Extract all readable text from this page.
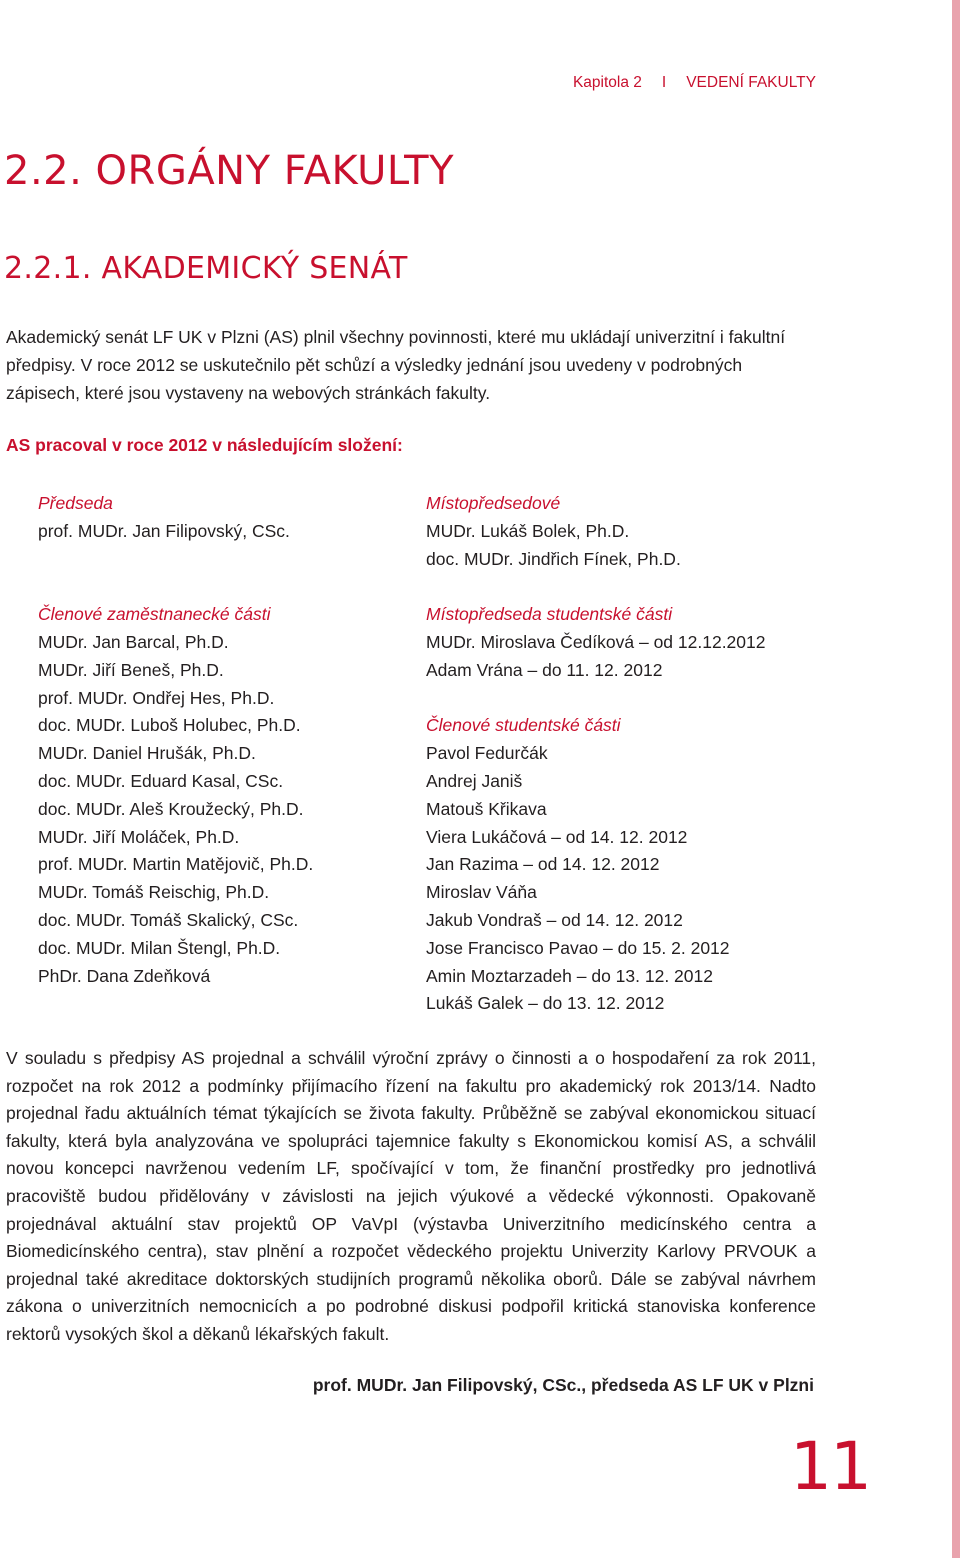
Kapitola 2 I VEDENÍ FAKULTY
2.2. ORGÁNY FAKULTY
2.2.1. AKADEMICKÝ SENÁT

Akademický senát LF UK v Plzni (AS) plnil všechny povinnosti, které mu ukládají univerzitní i fakultní předpisy. V roce 2012 se uskutečnilo pět schůzí a výsledky jednání jsou uvedeny v podrobných zápisech, které jsou vystaveny na webových stránkách fakulty.

AS pracoval v roce 2012 v následujícím složení:

Předseda
prof. MUDr. Jan Filipovský, CSc.
Členové zaměstnanecké části
MUDr. Jan Barcal, Ph.D.
MUDr. Jiří Beneš, Ph.D.
prof. MUDr. Ondřej Hes, Ph.D.
doc. MUDr. Luboš Holubec, Ph.D.
MUDr. Daniel Hrušák, Ph.D.
doc. MUDr. Eduard Kasal, CSc.
doc. MUDr. Aleš Kroužecký, Ph.D.
MUDr. Jiří Moláček, Ph.D.
prof. MUDr. Martin Matějovič, Ph.D.
MUDr. Tomáš Reischig, Ph.D.
doc. MUDr. Tomáš Skalický, CSc.
doc. MUDr. Milan Štengl, Ph.D.
PhDr. Dana Zdeňková
Místopředsedové
MUDr. Lukáš Bolek, Ph.D.
doc. MUDr. Jindřich Fínek, Ph.D.
Místopředseda studentské části
MUDr. Miroslava Čedíková – od 12.12.2012
Adam Vrána – do 11. 12. 2012
Členové studentské části
Pavol Fedurčák
Andrej Janiš
Matouš Křikava
Viera Lukáčová – od 14. 12. 2012
Jan Razima – od 14. 12. 2012
Miroslav Váňa
Jakub Vondraš – od 14. 12. 2012
Jose Francisco Pavao – do 15. 2. 2012
Amin Moztarzadeh – do 13. 12. 2012
Lukáš Galek – do 13. 12. 2012

V souladu s předpisy AS projednal a schválil výroční zprávy o činnosti a o hospodaření za rok 2011, rozpočet na rok 2012 a podmínky přijímacího řízení na fakultu pro akademický rok 2013/14. Nadto projednal řadu aktuálních témat týkajících se života fakulty. Průběžně se zabýval ekonomickou situací fakulty, která byla analyzována ve spolupráci tajemnice fakulty s Ekonomickou komisí AS, a schválil novou koncepci navrženou vedením LF, spočívající v tom, že finanční prostředky pro jednotlivá pracoviště budou přidělovány v závislosti na jejich výukové a vědecké výkonnosti. Opakovaně projednával aktuální stav projektů OP VaVpI (výstavba Univerzitního medicínského centra a Biomedicínského centra), stav plnění a rozpočet vědeckého projektu Univerzity Karlovy PRVOUK a projednal také akreditace doktorských studijních programů několika oborů. Dále se zabýval návrhem zákona o univerzitních nemocnicích a po podrobné diskusi podpořil kritická stanoviska konference rektorů vysokých škol a děkanů lékařských fakult.

prof. MUDr. Jan Filipovský, CSc., předseda AS LF UK v Plzni
11
